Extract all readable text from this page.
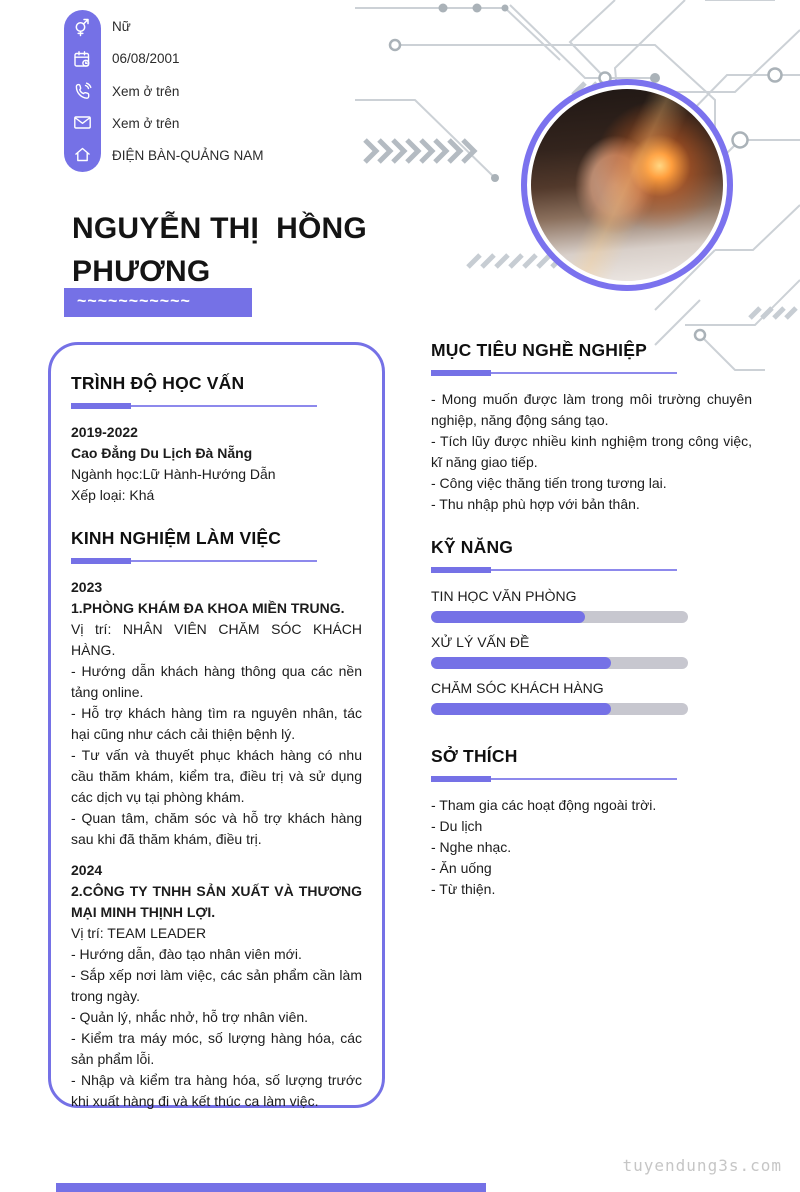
Nữ
06/08/2001
Xem ở trên
Xem ở trên
ĐIỆN BÀN-QUẢNG NAM
NGUYỄN THỊ  HỒNG PHƯƠNG
~~~~~~~~~~~
TRÌNH ĐỘ HỌC VẤN

2019-2022

Cao Đẳng Du Lịch Đà Nẵng

Ngành học:Lữ Hành-Hướng Dẫn

Xếp loại: Khá

KINH NGHIỆM LÀM VIỆC

2023

1.PHÒNG KHÁM ĐA KHOA MIỀN TRUNG.

Vị trí: NHÂN VIÊN CHĂM SÓC KHÁCH HÀNG.

- Hướng dẫn khách hàng thông qua các nền tảng online.

- Hỗ trợ khách hàng tìm ra nguyên nhân, tác hại cũng như cách cải thiện bệnh lý.

- Tư vấn và thuyết phục khách hàng có nhu cầu thăm khám, kiểm tra, điều trị và sử dụng các dịch vụ tại phòng khám.

- Quan tâm, chăm sóc và hỗ trợ khách hàng sau khi đã thăm khám, điều trị.

2024

2.CÔNG TY TNHH SẢN XUẤT VÀ THƯƠNG MẠI MINH THỊNH LỢI.

Vị trí: TEAM LEADER

- Hướng dẫn, đào tạo nhân viên mới.

- Sắp xếp nơi làm việc, các sản phẩm cần làm trong ngày.

- Quản lý, nhắc nhở, hỗ trợ nhân viên.

- Kiểm tra máy móc, số lượng hàng hóa, các sản phẩm lỗi.

- Nhập và kiểm tra hàng hóa, số lượng trước khi xuất hàng đi và kết thúc ca làm việc.

MỤC TIÊU NGHỀ NGHIỆP

- Mong muốn được làm trong môi trường chuyên nghiệp, năng động sáng tạo.

- Tích lũy được nhiều kinh nghiệm trong công việc, kĩ năng giao tiếp.

- Công việc thăng tiến trong tương lai.

- Thu nhập phù hợp với bản thân.

KỸ NĂNG
TIN HỌC VĂN PHÒNG
XỬ LÝ VẤN ĐỀ
CHĂM SÓC KHÁCH HÀNG
SỞ THÍCH

- Tham gia các hoạt động ngoài trời.

- Du lịch

- Nghe nhạc.

- Ăn uống

- Từ thiện.

tuyendung3s.com
